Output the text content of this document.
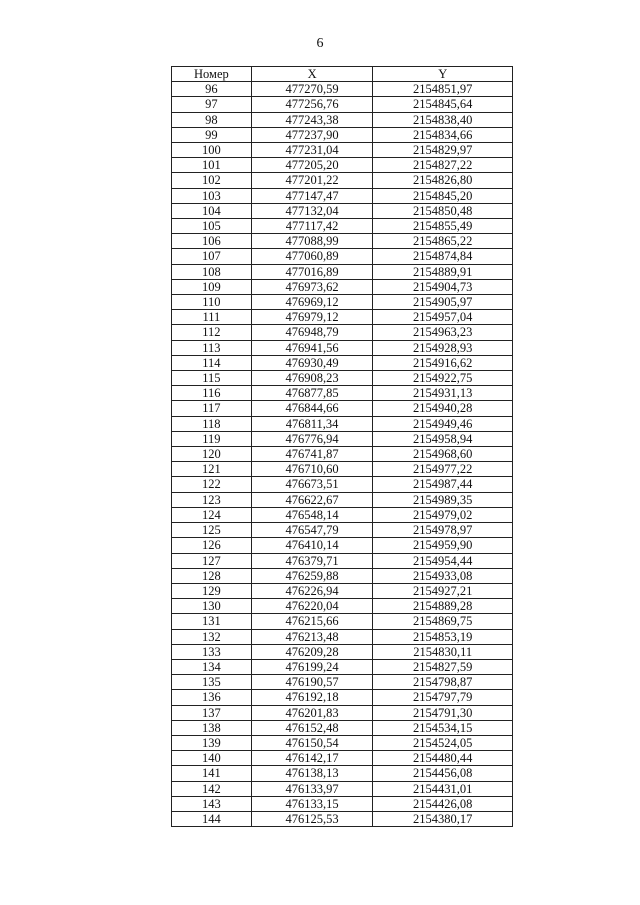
6
Номер	X	Y
96	477270,59	2154851,97
97	477256,76	2154845,64
98	477243,38	2154838,40
99	477237,90	2154834,66
100	477231,04	2154829,97
101	477205,20	2154827,22
102	477201,22	2154826,80
103	477147,47	2154845,20
104	477132,04	2154850,48
105	477117,42	2154855,49
106	477088,99	2154865,22
107	477060,89	2154874,84
108	477016,89	2154889,91
109	476973,62	2154904,73
110	476969,12	2154905,97
111	476979,12	2154957,04
112	476948,79	2154963,23
113	476941,56	2154928,93
114	476930,49	2154916,62
115	476908,23	2154922,75
116	476877,85	2154931,13
117	476844,66	2154940,28
118	476811,34	2154949,46
119	476776,94	2154958,94
120	476741,87	2154968,60
121	476710,60	2154977,22
122	476673,51	2154987,44
123	476622,67	2154989,35
124	476548,14	2154979,02
125	476547,79	2154978,97
126	476410,14	2154959,90
127	476379,71	2154954,44
128	476259,88	2154933,08
129	476226,94	2154927,21
130	476220,04	2154889,28
131	476215,66	2154869,75
132	476213,48	2154853,19
133	476209,28	2154830,11
134	476199,24	2154827,59
135	476190,57	2154798,87
136	476192,18	2154797,79
137	476201,83	2154791,30
138	476152,48	2154534,15
139	476150,54	2154524,05
140	476142,17	2154480,44
141	476138,13	2154456,08
142	476133,97	2154431,01
143	476133,15	2154426,08
144	476125,53	2154380,17
